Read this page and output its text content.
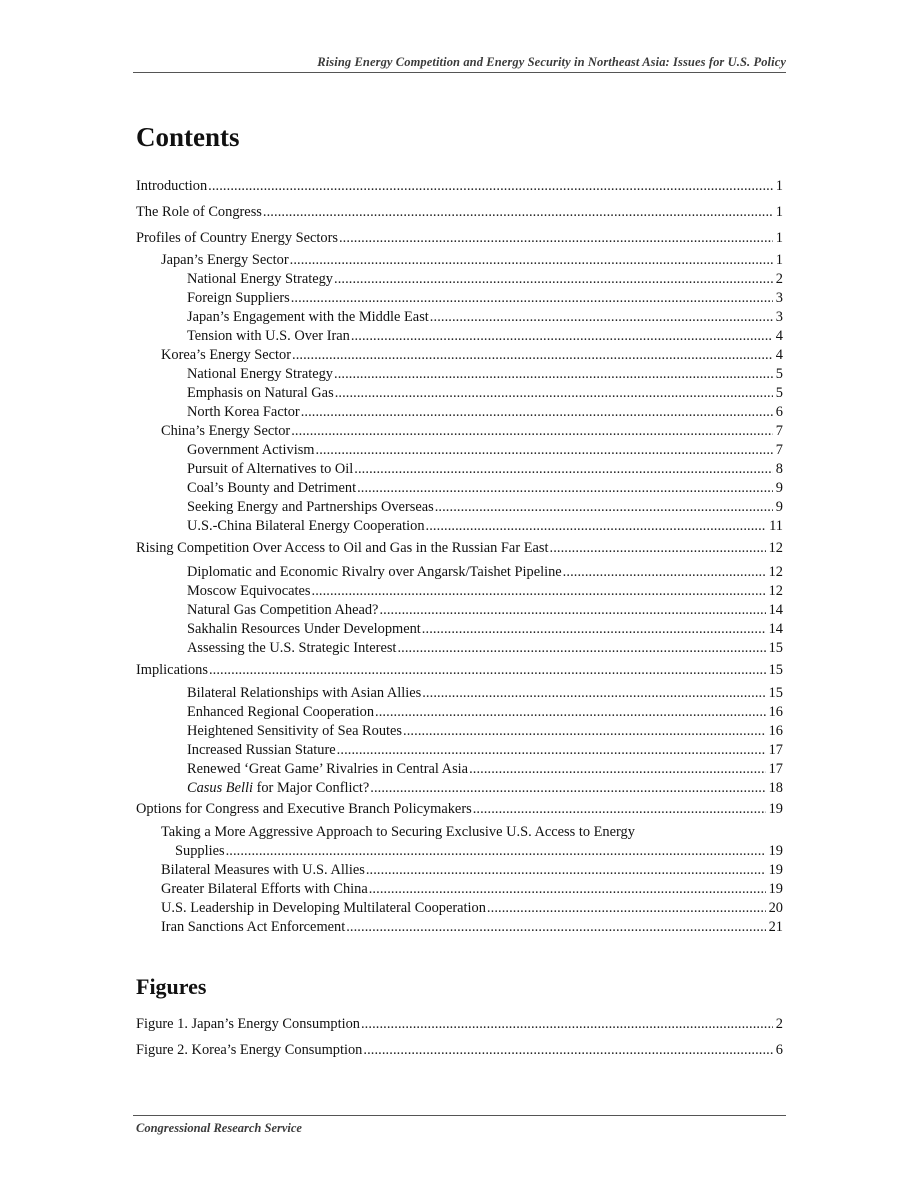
Rising Energy Competition and Energy Security in Northeast Asia: Issues for U.S. Policy
Contents
Introduction . . .	1
The Role of Congress . . .	1
Profiles of Country Energy Sectors . . .	1
Japan’s Energy Sector . . .	1
National Energy Strategy . . .	2
Foreign Suppliers . . .	3
Japan’s Engagement with the Middle East . . .	3
Tension with U.S. Over Iran . . .	4
Korea’s Energy Sector . . .	4
National Energy Strategy . . .	5
Emphasis on Natural Gas . . .	5
North Korea Factor . . .	6
China’s Energy Sector . . .	7
Government Activism . . .	7
Pursuit of Alternatives to Oil . . .	8
Coal’s Bounty and Detriment . . .	9
Seeking Energy and Partnerships Overseas . . .	9
U.S.-China Bilateral Energy Cooperation . . .	11
Rising Competition Over Access to Oil and Gas in the Russian Far East . . .	12
Diplomatic and Economic Rivalry over Angarsk/Taishet Pipeline . . .	12
Moscow Equivocates . . .	12
Natural Gas Competition Ahead? . . .	14
Sakhalin Resources Under Development . . .	14
Assessing the U.S. Strategic Interest . . .	15
Implications . . .	15
Bilateral Relationships with Asian Allies . . .	15
Enhanced Regional Cooperation . . .	16
Heightened Sensitivity of Sea Routes . . .	16
Increased Russian Stature . . .	17
Renewed ‘Great Game’ Rivalries in Central Asia . . .	17
Casus Belli for Major Conflict? . . .	18
Options for Congress and Executive Branch Policymakers . . .	19
Taking a More Aggressive Approach to Securing Exclusive U.S. Access to Energy
Supplies . . .	19
Bilateral Measures with U.S. Allies . . .	19
Greater Bilateral Efforts with China . . .	19
U.S. Leadership in Developing Multilateral Cooperation . . .	20
Iran Sanctions Act Enforcement . . .	21
Figures
Figure 1. Japan’s Energy Consumption . . .	2
Figure 2. Korea’s Energy Consumption . . .	6
Congressional Research Service
